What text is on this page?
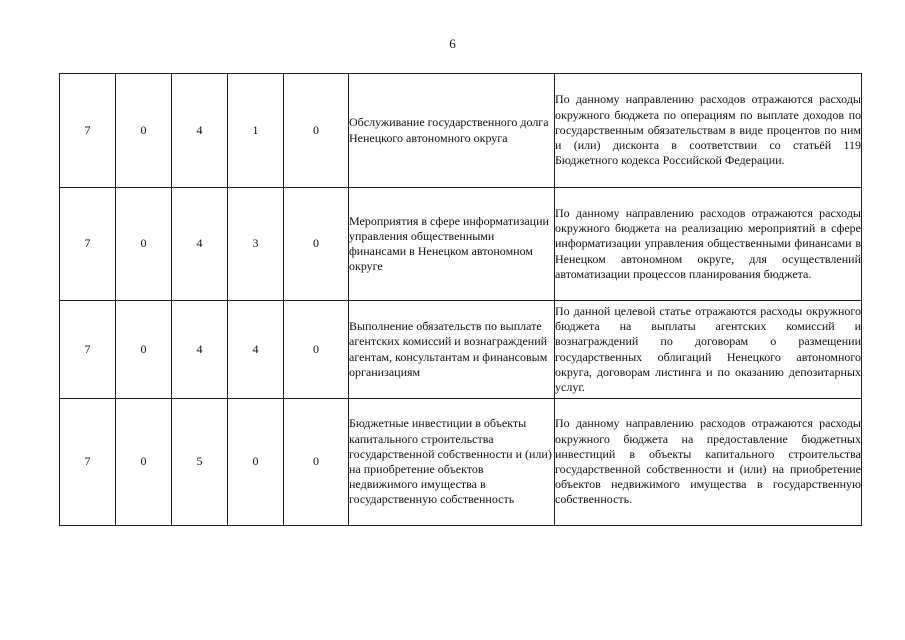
6
7	0	4	1	0	Обслуживание государственного долга Ненецкого автономного округа	По данному направлению расходов отражаются расходы окружного бюджета по операциям по выплате доходов по государственным обязательствам в виде процентов по ним и (или) дисконта в соответствии со статьёй 119 Бюджетного кодекса Российской Федерации.
7	0	4	3	0	Мероприятия в сфере информатизации управления общественными финансами в Ненецком автономном округе	По данному направлению расходов отражаются расходы окружного бюджета на реализацию мероприятий в сфере информатизации управления общественными финансами в Ненецком автономном округе, для осуществлений автоматизации процессов планирования бюджета.
7	0	4	4	0	Выполнение обязательств по выплате агентских комиссий и вознаграждений агентам, консультантам и финансовым организациям	По данной целевой статье отражаются расходы окружного бюджета на выплаты агентских комиссий и вознаграждений по договорам о размещении государственных облигаций Ненецкого автономного округа, договорам листинга и по оказанию депозитарных услуг.
7	0	5	0	0	Бюджетные инвестиции в объекты капитального строительства государственной собственности и (или) на приобретение объектов недвижимого имущества в государственную собственность	По данному направлению расходов отражаются расходы окружного бюджета на предоставление бюджетных инвестиций в объекты капитального строительства государственной собственности и (или) на приобретение объектов недвижимого имущества в государственную собственность.
